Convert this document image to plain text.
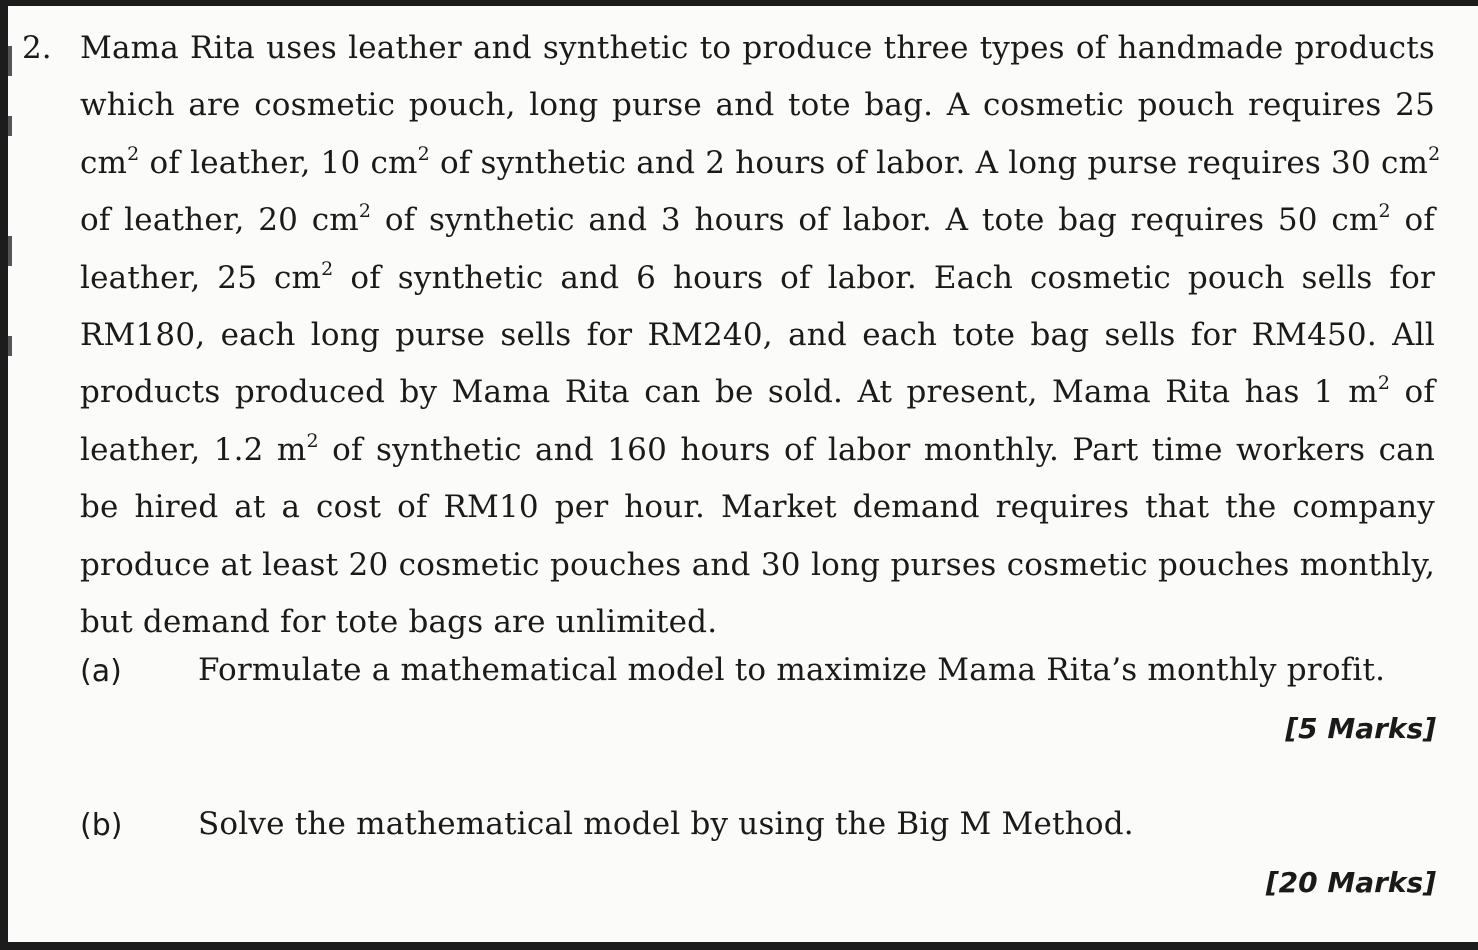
2. Mama Rita uses leather and synthetic to produce three types of handmade products
which are cosmetic pouch, long purse and tote bag. A cosmetic pouch requires 25
$cm^2$ of leather, 10 $cm^2$ of synthetic and 2 hours of labor. A long purse requires 30 $cm^2$
of leather, 20 $cm^2$ of synthetic and 3 hours of labor. A tote bag requires 50 $cm^2$ of
leather, 25 $cm^2$ of synthetic and 6 hours of labor. Each cosmetic pouch sells for
RM180, each long purse sells for RM240, and each tote bag sells for RM450. All
products produced by Mama Rita can be sold. At present, Mama Rita has 1 $m^2$ of
leather, 1.2 $m^2$ of synthetic and 160 hours of labor monthly. Part time workers can
be hired at a cost of RM10 per hour. Market demand requires that the company
produce at least 20 cosmetic pouches and 30 long purses cosmetic pouches monthly,
but demand for tote bags are unlimited.
(a) Formulate a mathematical model to maximize Mama Rita’s monthly profit.
[5 Marks]
(b) Solve the mathematical model by using the Big M Method.
[20 Marks]
